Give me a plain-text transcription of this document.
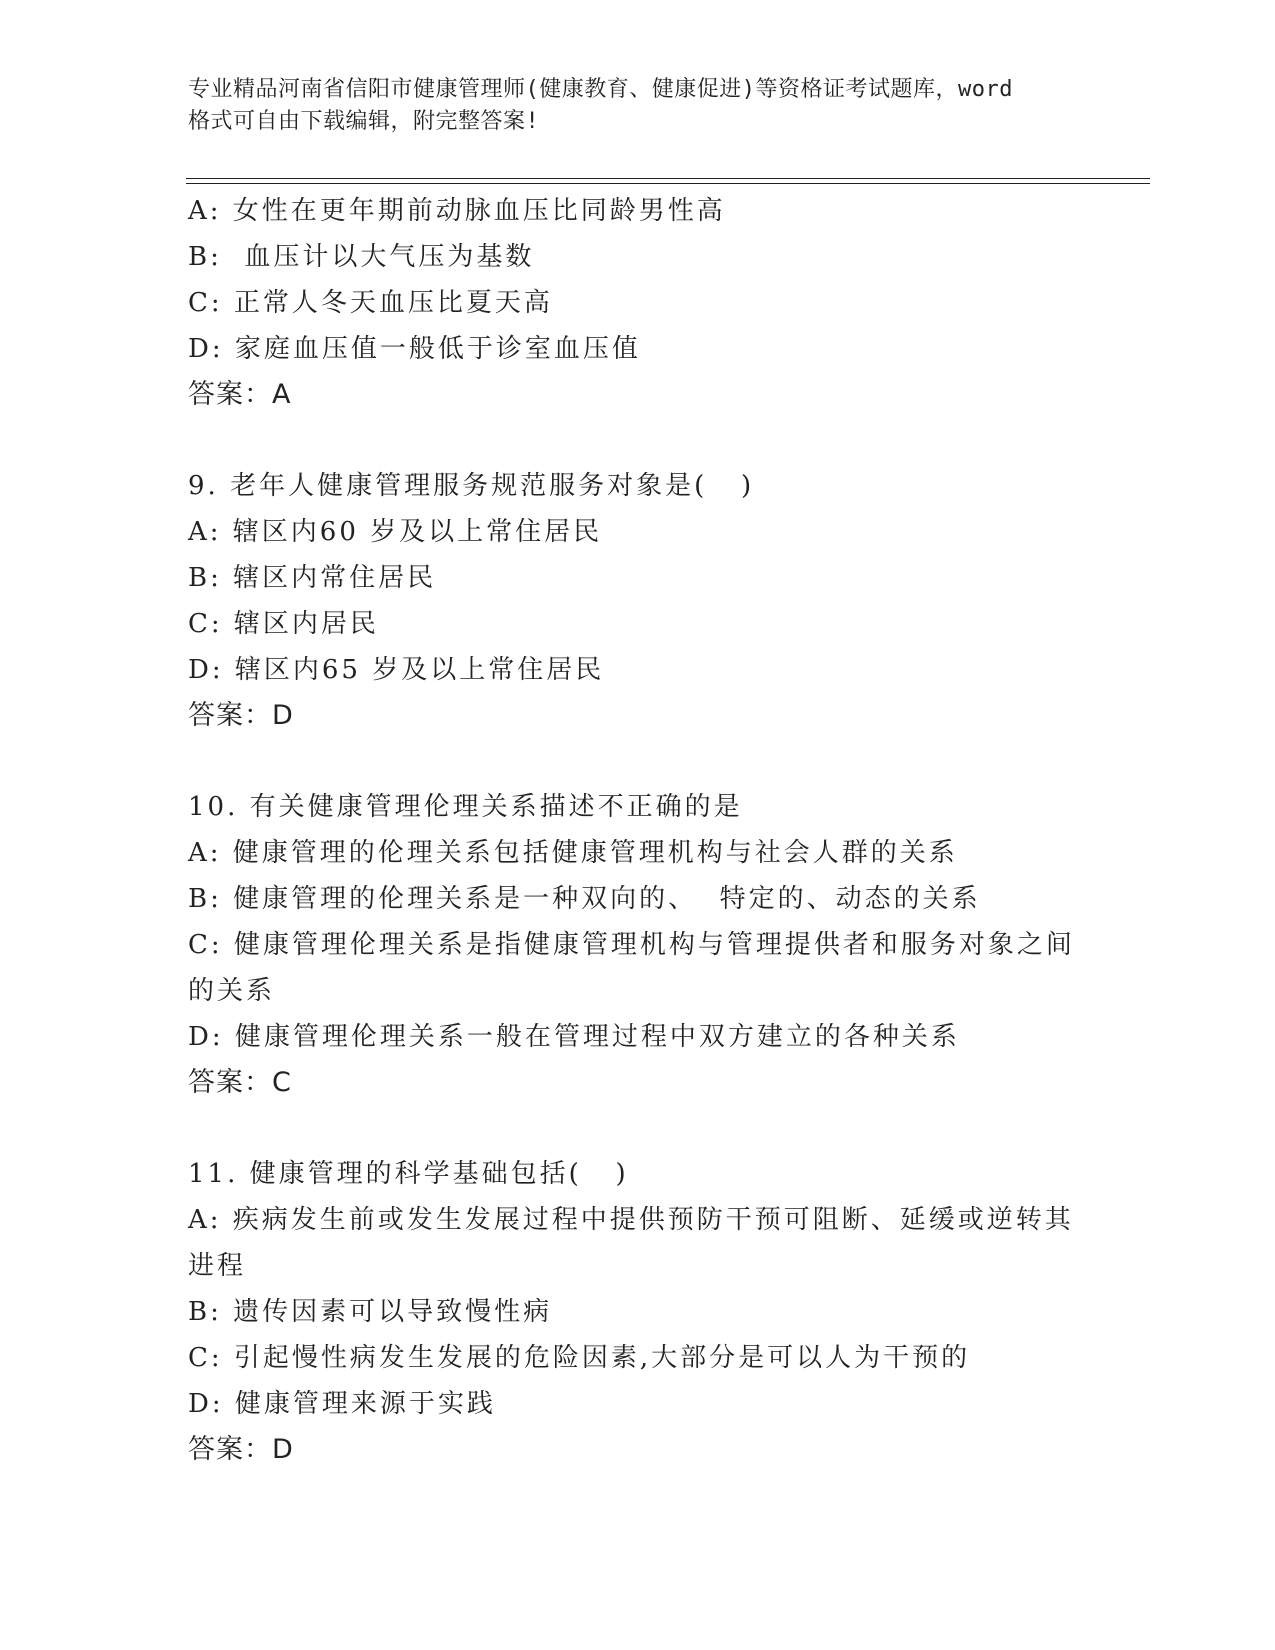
专业精品河南省信阳市健康管理师(健康教育、健康促进)等资格证考试题库，word
格式可自由下载编辑，附完整答案!
A: 女性在更年期前动脉血压比同龄男性高
B:  血压计以大气压为基数
C: 正常人冬天血压比夏天高
D: 家庭血压值一般低于诊室血压值
答案：A
9. 老年人健康管理服务规范服务对象是(   )
A: 辖区内60 岁及以上常住居民
B: 辖区内常住居民
C: 辖区内居民
D: 辖区内65 岁及以上常住居民
答案：D
10. 有关健康管理伦理关系描述不正确的是
A: 健康管理的伦理关系包括健康管理机构与社会人群的关系
B: 健康管理的伦理关系是一种双向的、  特定的、动态的关系
C: 健康管理伦理关系是指健康管理机构与管理提供者和服务对象之间
的关系
D: 健康管理伦理关系一般在管理过程中双方建立的各种关系
答案：C
11. 健康管理的科学基础包括(   )
A: 疾病发生前或发生发展过程中提供预防干预可阻断、延缓或逆转其
进程
B: 遗传因素可以导致慢性病
C: 引起慢性病发生发展的危险因素,大部分是可以人为干预的
D: 健康管理来源于实践
答案：D
